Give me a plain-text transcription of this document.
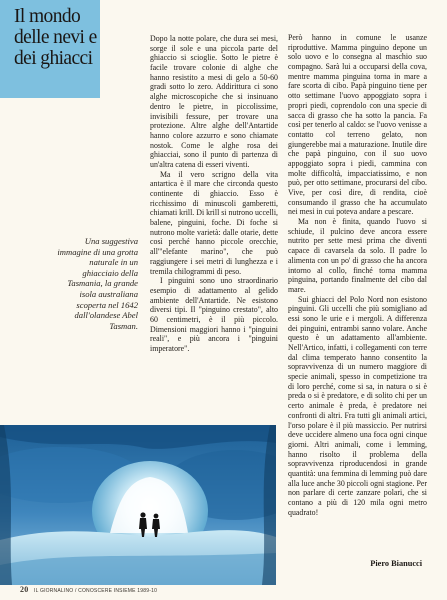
Il mondo delle nevi e dei ghiacci
Una suggestiva immagine di una grotta naturale in un ghiacciaio della Tasmania, la grande isola australiana scoperta nel 1642 dall'olandese Abel Tasman.

Dopo la notte polare, che dura sei mesi, sorge il sole e una piccola parte del ghiaccio si scioglie. Sotto le pietre è facile trovare colonie di alghe che hanno resistito a mesi di gelo a 50-60 gradi sotto lo zero. Addirittura ci sono alghe microscopiche che si insinuano dentro le pietre, in piccolissime, invisibili fessure, per trovare una protezione. Altre alghe dell'Antartide hanno colore azzurro e sono chiamate nostok. Come le alghe rosa dei ghiacciai, sono il punto di partenza di un'altra catena di esseri viventi.

Ma il vero scrigno della vita antartica è il mare che circonda questo continente di ghiaccio. Esso è ricchissimo di minuscoli gamberetti, chiamati krill. Di krill si nutrono uccelli, balene, pinguini, foche. Di foche si nutrono molte varietà: dalle otarie, dette così perché hanno piccole orecchie, all'"elefante marino", che può raggiungere i sei metri di lunghezza e i tremila chilogrammi di peso.

I pinguini sono uno straordinario esempio di adattamento al gelido ambiente dell'Antartide. Ne esistono diversi tipi. Il "pinguino crestato", alto 60 centimetri, è il più piccolo. Dimensioni maggiori hanno i "pinguini reali", e più ancora i "pinguini imperatore".

Però hanno in comune le usanze riproduttive. Mamma pinguino depone un solo uovo e lo consegna al maschio suo compagno. Sarà lui a occuparsi della cova, mentre mamma pinguina torna in mare a fare scorta di cibo. Papà pinguino tiene per otto settimane l'uovo appoggiato sopra i propri piedi, coprendolo con una specie di sacca di grasso che ha sotto la pancia. Fa così per tenerlo al caldo: se l'uovo venisse a contatto col terreno gelato, non giungerebbe mai a maturazione. Inutile dire che papà pinguino, con il suo uovo appoggiato sopra i piedi, cammina con molte difficoltà, impacciatissimo, e non può, per otto settimane, procurarsi del cibo. Vive, per così dire, di rendita, cioè consumando il grasso che ha accumulato nei mesi in cui poteva andare a pescare.

Ma non è finita, quando l'uovo si schiude, il pulcino deve ancora essere nutrito per sette mesi prima che diventi capace di cavarsela da solo. Il padre lo alimenta con un po' di grasso che ha ancora intorno al collo, finché torna mamma pinguina, portando finalmente del cibo dal mare.

Sui ghiacci del Polo Nord non esistono pinguini. Gli uccelli che più somigliano ad essi sono le urie e i mergoli. A differenza dei pinguini, entrambi sanno volare. Anche questo è un adattamento all'ambiente. Nell'Artico, infatti, i collegamenti con terre dal clima temperato hanno consentito la sopravvivenza di un numero maggiore di specie animali, spesso in competizione tra di loro perché, come si sa, in natura o si è preda o si è predatore, e di solito chi per un certo animale è preda, è predatore nei confronti di altri. Fra tutti gli animali artici, l'orso polare è il più massiccio. Per nutrirsi deve uccidere almeno una foca ogni cinque giorni. Altri animali, come i lemming, hanno risolto il problema della sopravvivenza riproducendosi in grande quantità: una femmina di lemming può dare alla luce anche 30 piccoli ogni stagione. Per non parlare di certe zanzare polari, che si contano a più di 120 mila ogni metro quadrato!

Piero Bianucci
20 IL GIORNALINO / CONOSCERE INSIEME 1989-10
